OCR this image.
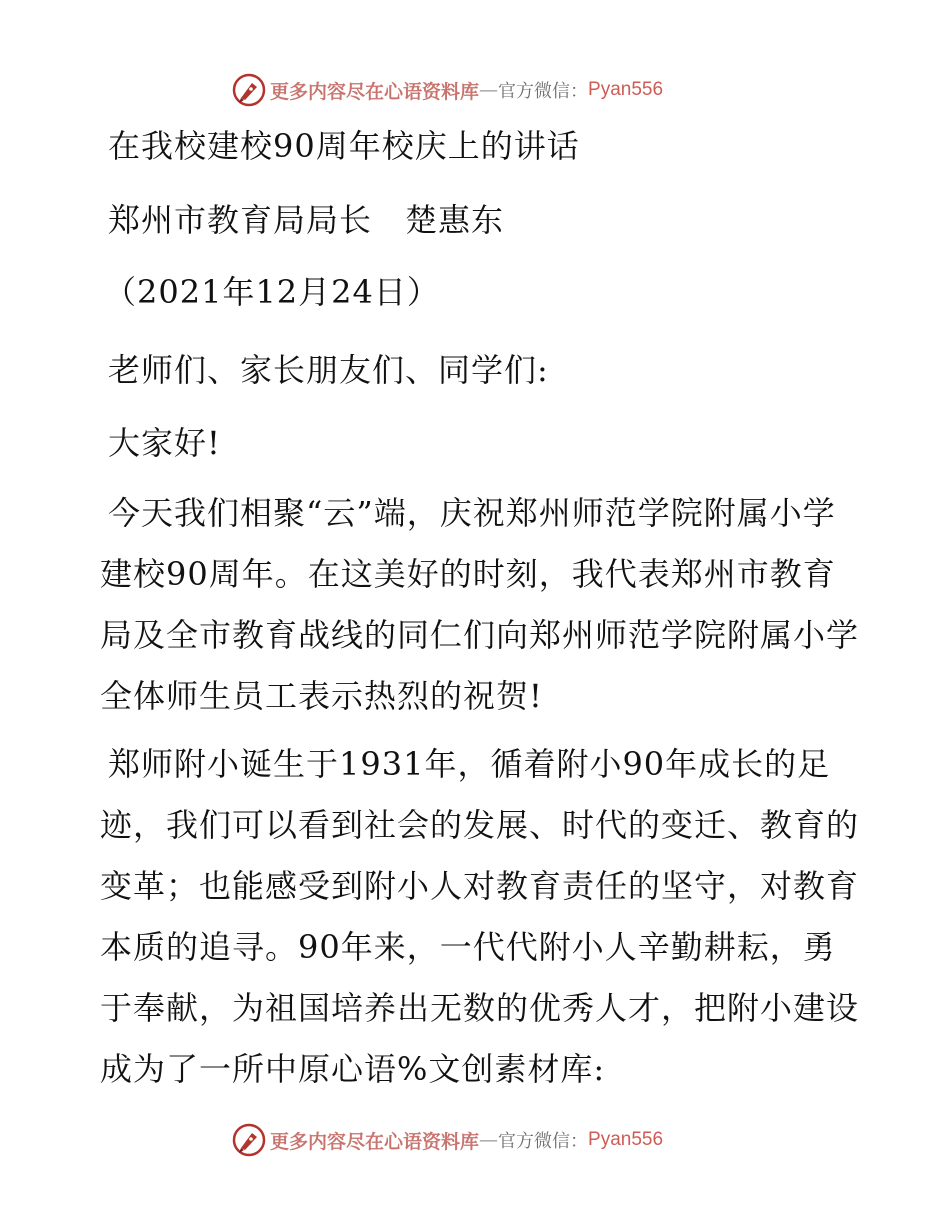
更多内容尽在心语资料库 — 官方微信： Pyan556
在我校建校90周年校庆上的讲话
郑州市教育局局长　楚惠东
（2021年12月24日）
老师们、家长朋友们、同学们:
大家好!

今天我们相聚“云”端，庆祝郑州师范学院附属小学建校90周年。在这美好的时刻，我代表郑州市教育局及全市教育战线的同仁们向郑州师范学院附属小学全体师生员工表示热烈的祝贺!

郑师附小诞生于1931年，循着附小90年成长的足迹，我们可以看到社会的发展、时代的变迁、教育的变革；也能感受到附小人对教育责任的坚守，对教育本质的追寻。90年来，一代代附小人辛勤耕耘，勇于奉献，为祖国培养出无数的优秀人才，把附小建设成为了一所中原心语%文创素材库:

更多内容尽在心语资料库 — 官方微信： Pyan556
